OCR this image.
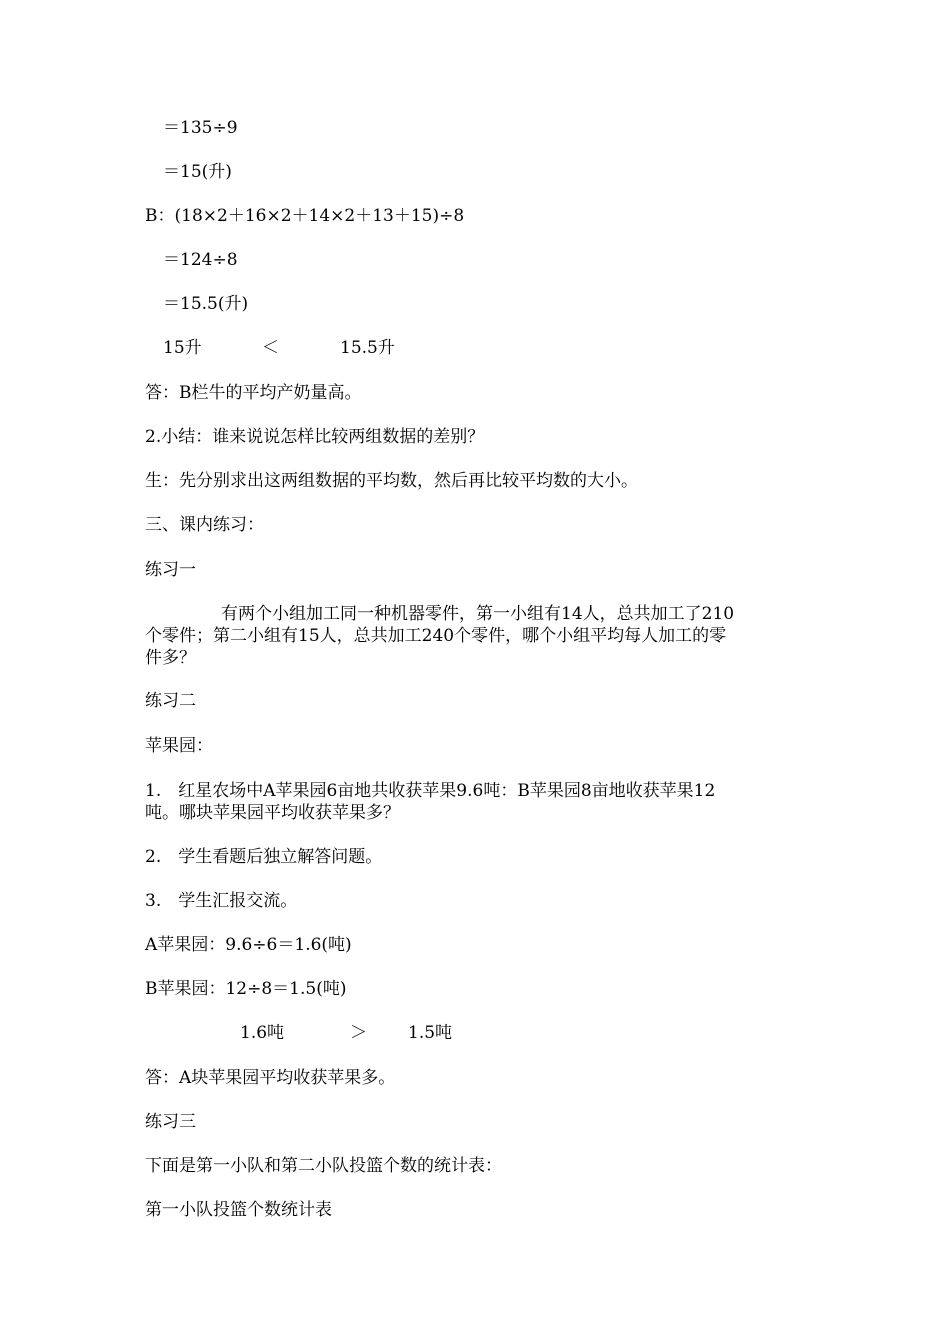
＝135÷9
＝15(升)
B：(18×2＋16×2＋14×2＋13＋15)÷8
＝124÷8
＝15.5(升)
15升	＜	15.5升
答：B栏牛的平均产奶量高。
2.小结：谁来说说怎样比较两组数据的差别？
生：先分别求出这两组数据的平均数，然后再比较平均数的大小。
三、课内练习：
练习一
有两个小组加工同一种机器零件，第一小组有14人，总共加工了210
个零件；第二小组有15人，总共加工240个零件，哪个小组平均每人加工的零
件多？
练习二
苹果园：
1.　红星农场中A苹果园6亩地共收获苹果9.6吨：B苹果园8亩地收获苹果12
吨。哪块苹果园平均收获苹果多？
2.　学生看题后独立解答问题。
3.　学生汇报交流。
A苹果园：9.6÷6＝1.6(吨)
B苹果园：12÷8＝1.5(吨)
1.6吨	＞ 1.5吨
答：A块苹果园平均收获苹果多。
练习三
下面是第一小队和第二小队投篮个数的统计表：
第一小队投篮个数统计表
